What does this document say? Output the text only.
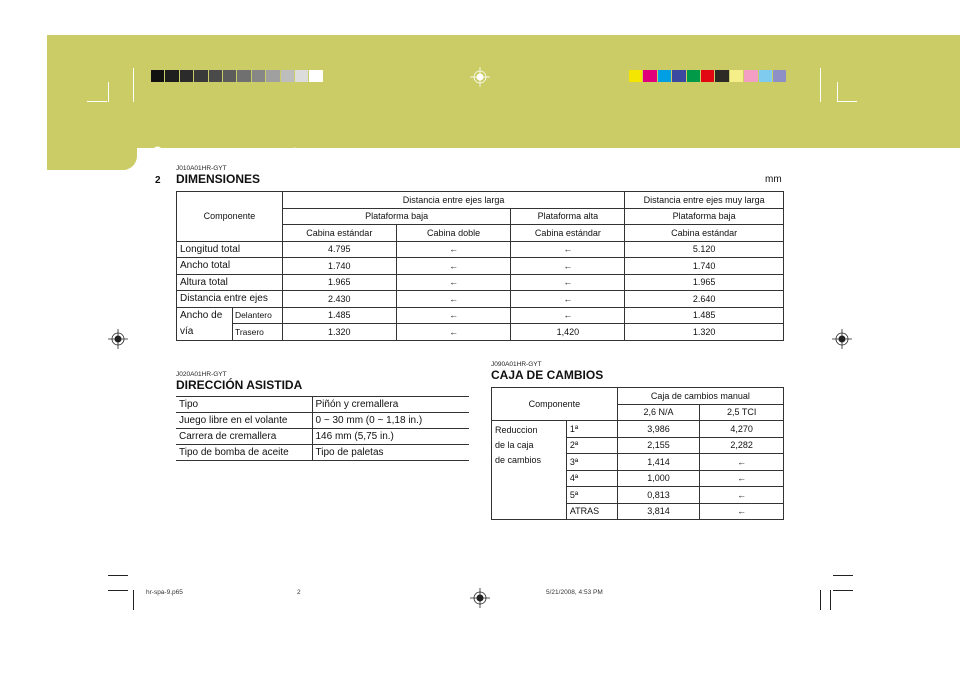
9 ESPECIFICACIONES DEL VEHÍCULO
2
J010A01HR-GYT
DIMENSIONES	mm
Componente		Distancia entre ejes larga			Distancia entre ejes muy larga
		Plataforma baja		Plataforma alta	Plataforma baja
		Cabina estándar	Cabina doble	Cabina estándar	Cabina estándar
Longitud total		4.795	←	←	5.120
Ancho total		1.740	←	←	1.740
Altura total		1.965	←	←	1.965
Distancia entre ejes		2.430	←	←	2.640
Ancho de	Delantero	1.485	←	←	1.485
vía	Trasero	1.320	←	1,420	1.320
J020A01HR-GYT
DIRECCIÓN ASISTIDA
Tipo	Piñón y cremallera
Juego libre en el volante	0 ~ 30 mm (0 ~ 1,18 in.)
Carrera de cremallera	146 mm (5,75 in.)
Tipo de bomba de aceite	Tipo de paletas
J090A01HR-GYT
CAJA DE CAMBIOS
Componente		Caja de cambios manual	
		2,6 N/A	2,5 TCI

Reduccion
de la caja
de cambios	1ª	3,986	4,270
	2ª	2,155	2,282
	3ª	1,414	←
	4ª	1,000	←
	5ª	0,813	←
	ATRAS	3,814	←
hr-spa-9.p65	2	5/21/2008, 4:53 PM
